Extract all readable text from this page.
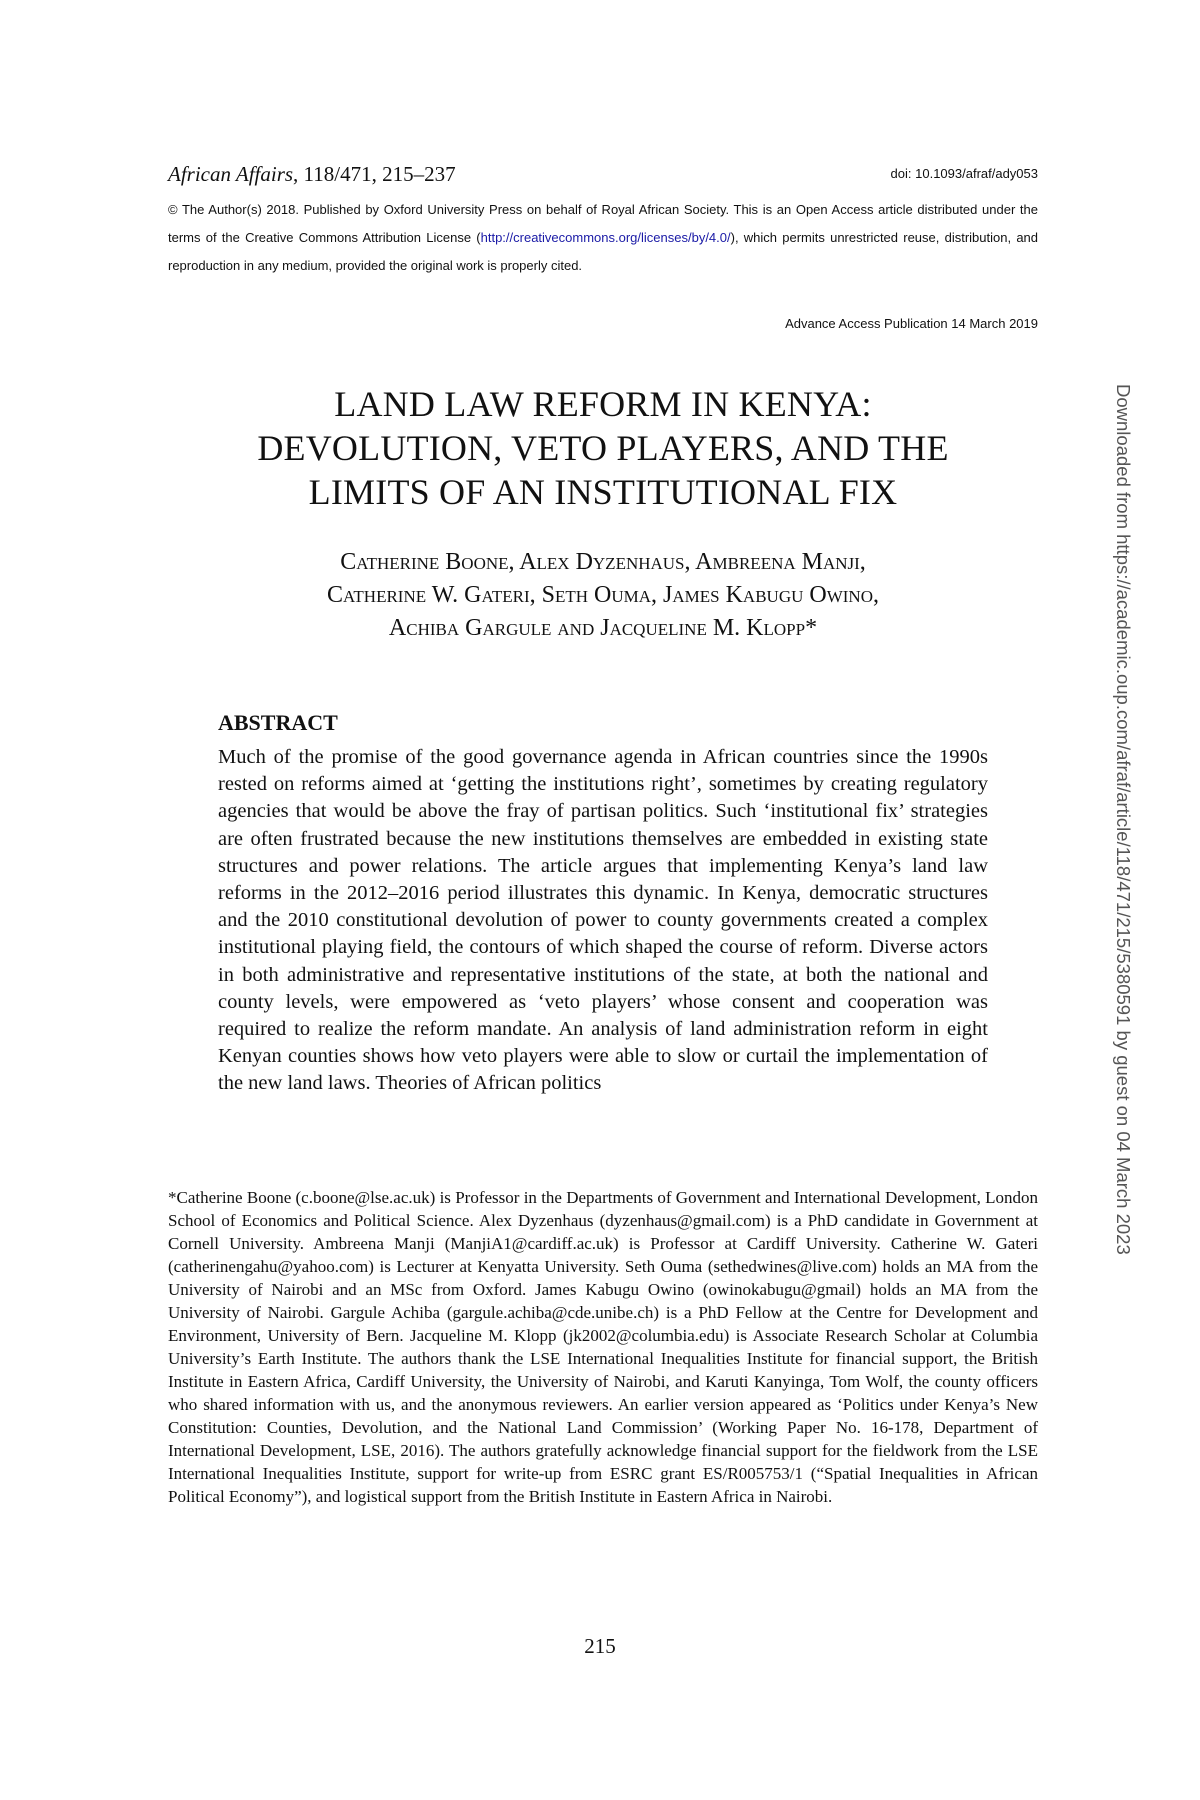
African Affairs, 118/471, 215–237	doi: 10.1093/afraf/ady053
© The Author(s) 2018. Published by Oxford University Press on behalf of Royal African Society. This is an Open Access article distributed under the terms of the Creative Commons Attribution License (http://creativecommons.org/licenses/by/4.0/), which permits unrestricted reuse, distribution, and reproduction in any medium, provided the original work is properly cited.
Advance Access Publication 14 March 2019
LAND LAW REFORM IN KENYA:
DEVOLUTION, VETO PLAYERS, AND THE
LIMITS OF AN INSTITUTIONAL FIX
Catherine Boone, Alex Dyzenhaus, Ambreena Manji,
Catherine W. Gateri, Seth Ouma, James Kabugu Owino,
Achiba Gargule and Jacqueline M. Klopp*
ABSTRACT
Much of the promise of the good governance agenda in African countries since the 1990s rested on reforms aimed at ‘getting the institutions right’, sometimes by creating regulatory agencies that would be above the fray of partisan politics. Such ‘institutional fix’ strategies are often frustrated because the new institutions themselves are embedded in existing state structures and power relations. The article argues that implementing Kenya’s land law reforms in the 2012–2016 period illustrates this dynamic. In Kenya, democratic structures and the 2010 constitutional devolution of power to county governments created a complex institutional playing field, the contours of which shaped the course of reform. Diverse actors in both administrative and representative institutions of the state, at both the national and county levels, were empowered as ‘veto players’ whose consent and cooperation was required to realize the reform mandate. An analysis of land administration reform in eight Kenyan counties shows how veto players were able to slow or curtail the implementation of the new land laws. Theories of African politics
*Catherine Boone (c.boone@lse.ac.uk) is Professor in the Departments of Government and International Development, London School of Economics and Political Science. Alex Dyzenhaus (dyzenhaus@gmail.com) is a PhD candidate in Government at Cornell University. Ambreena Manji (ManjiA1@cardiff.ac.uk) is Professor at Cardiff University. Catherine W. Gateri (catherinengahu@yahoo.com) is Lecturer at Kenyatta University. Seth Ouma (sethedwines@live.com) holds an MA from the University of Nairobi and an MSc from Oxford. James Kabugu Owino (owinokabugu@gmail) holds an MA from the University of Nairobi. Gargule Achiba (gargule.achiba@cde.unibe.ch) is a PhD Fellow at the Centre for Development and Environment, University of Bern. Jacqueline M. Klopp (jk2002@columbia.edu) is Associate Research Scholar at Columbia University’s Earth Institute. The authors thank the LSE International Inequalities Institute for financial support, the British Institute in Eastern Africa, Cardiff University, the University of Nairobi, and Karuti Kanyinga, Tom Wolf, the county officers who shared information with us, and the anonymous reviewers. An earlier version appeared as ‘Politics under Kenya’s New Constitution: Counties, Devolution, and the National Land Commission’ (Working Paper No. 16-178, Department of International Development, LSE, 2016). The authors gratefully acknowledge financial support for the fieldwork from the LSE International Inequalities Institute, support for write-up from ESRC grant ES/R005753/1 (“Spatial Inequalities in African Political Economy”), and logistical support from the British Institute in Eastern Africa in Nairobi.
215
Downloaded from https://academic.oup.com/afraf/article/118/471/215/5380591 by guest on 04 March 2023
